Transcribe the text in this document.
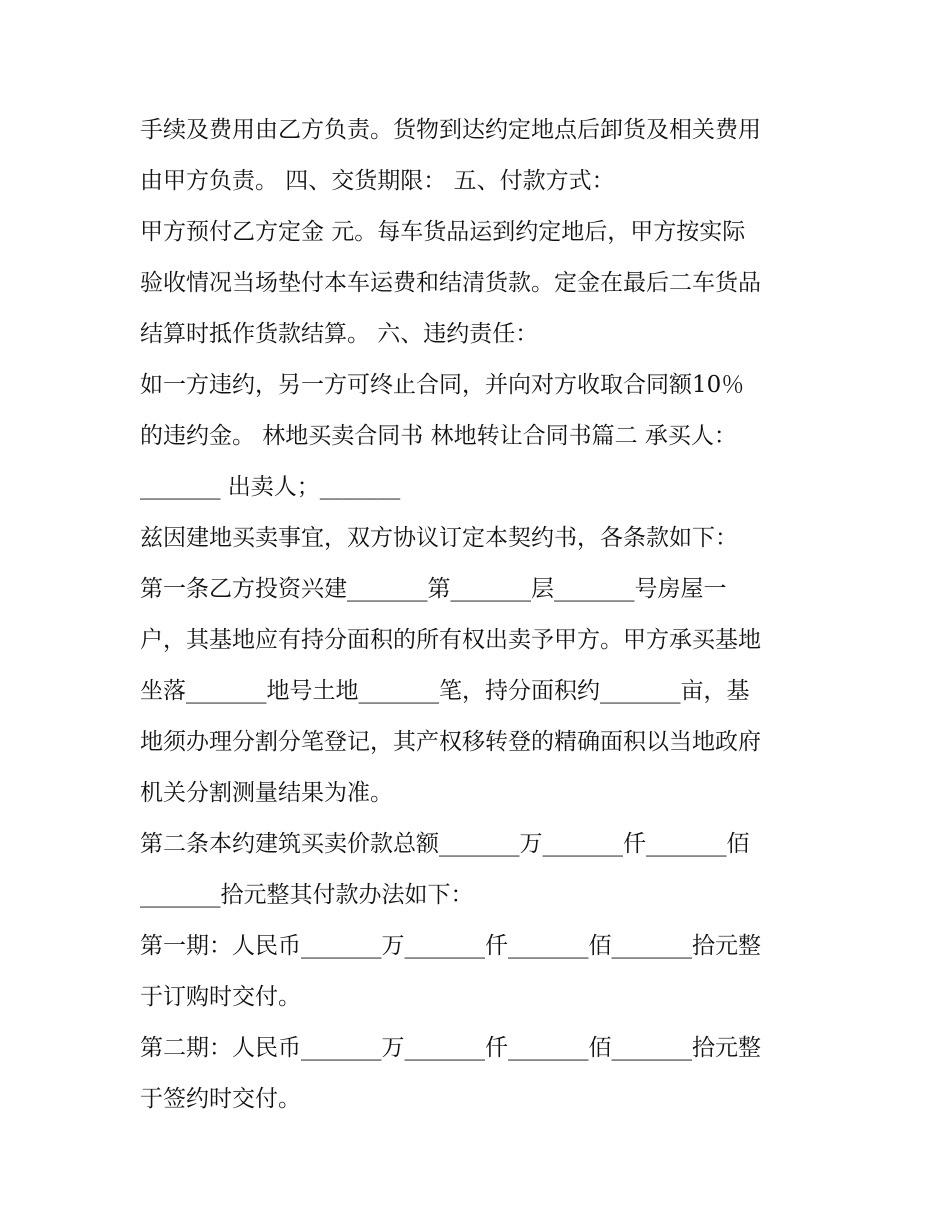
手续及费用由乙方负责。货物到达约定地点后卸货及相关费用
由甲方负责。 四、交货期限： 五、付款方式：
甲方预付乙方定金 元。每车货品运到约定地后，甲方按实际
验收情况当场垫付本车运费和结清货款。定金在最后二车货品
结算时抵作货款结算。 六、违约责任：
如一方违约，另一方可终止合同，并向对方收取合同额10％
的违约金。 林地买卖合同书 林地转让合同书篇二 承买人：
_______ 出卖人；_______
兹因建地买卖事宜，双方协议订定本契约书，各条款如下：
第一条乙方投资兴建_______第_______层_______号房屋一
户，其基地应有持分面积的所有权出卖予甲方。甲方承买基地
坐落_______地号土地_______笔，持分面积约_______亩，基
地须办理分割分笔登记，其产权移转登的精确面积以当地政府
机关分割测量结果为准。
第二条本约建筑买卖价款总额_______万_______仟_______佰
_______拾元整其付款办法如下：
第一期：人民币_______万_______仟_______佰_______拾元整
于订购时交付。
第二期：人民币_______万_______仟_______佰_______拾元整
于签约时交付。
